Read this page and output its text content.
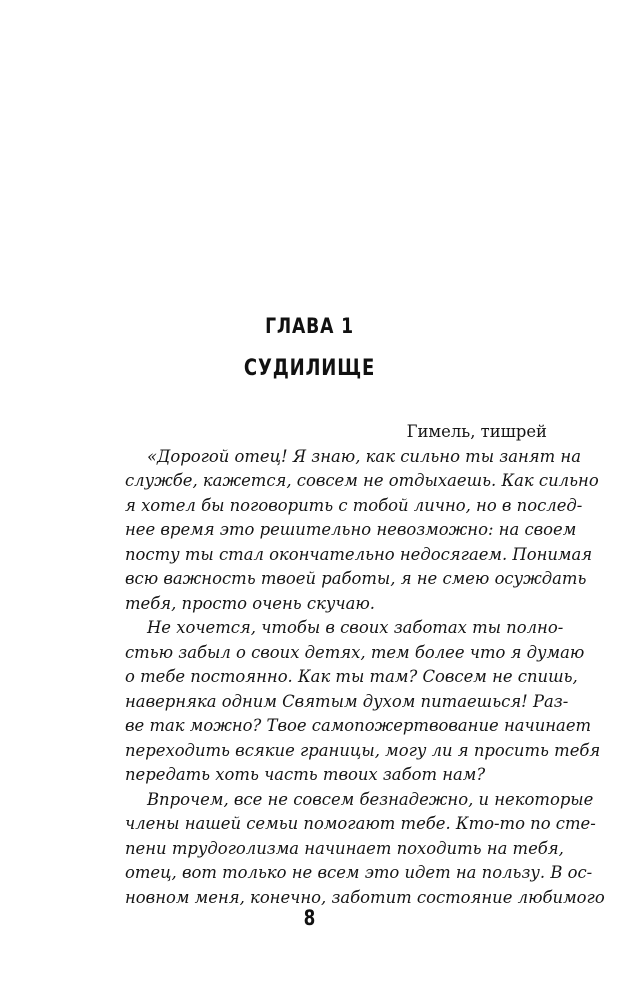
ГЛАВА 1
СУДИЛИЩЕ

Гимель, тишрей

«Дорогой отец! Я знаю, как сильно ты занят на
службе, кажется, совсем не отдыхаешь. Как сильно
я хотел бы поговорить с тобой лично, но в послед-
нее время это решительно невозможно: на своем
посту ты стал окончательно недосягаем. Понимая
всю важность твоей работы, я не смею осуждать
тебя, просто очень скучаю.

Не хочется, чтобы в своих заботах ты полно-
стью забыл о своих детях, тем более что я думаю
о тебе постоянно. Как ты там? Совсем не спишь,
наверняка одним Святым духом питаешься! Раз-
ве так можно? Твое самопожертвование начинает
переходить всякие границы, могу ли я просить тебя
передать хоть часть твоих забот нам?

Впрочем, все не совсем безнадежно, и некоторые
члены нашей семьи помогают тебе. Кто-то по сте-
пени трудоголизма начинает походить на тебя,
отец, вот только не всем это идет на пользу. В ос-
новном меня, конечно, заботит состояние любимого

8
